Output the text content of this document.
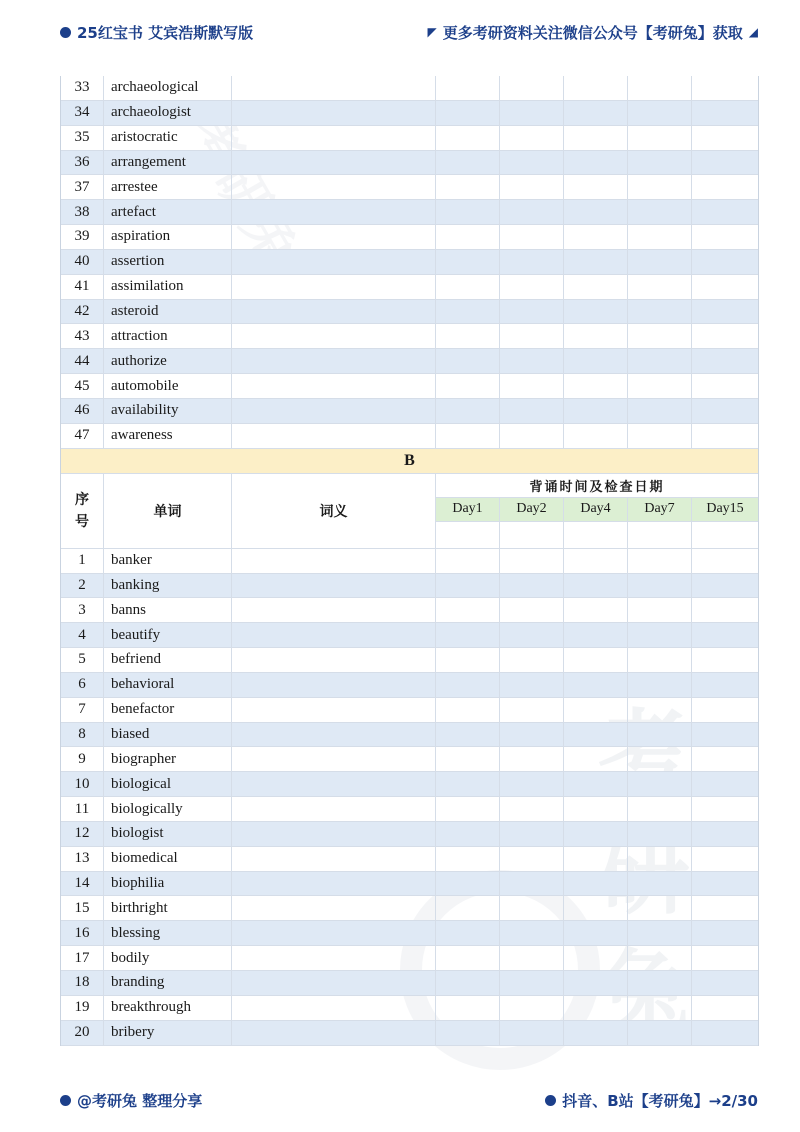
25红宝书 艾宾浩斯默写版	◤ 更多考研资料关注微信公众号【考研兔】获取 ◢
考
考研兔
33	archaeological
34	archaeologist
35	aristocratic
36	arrangement
37	arrestee
38	artefact
39	aspiration
40	assertion
41	assimilation
42	asteroid
43	attraction
44	authorize
45	automobile
46	availability
47	awareness
B
序
号
单词	词义
背诵时间及检查日期
Day1	Day2	Day4	Day7	Day15
1	banker
2	banking
3	banns
4	beautify
5	befriend
6	behavioral
7	benefactor
8	biased
9	biographer
10	biological
11	biologically
12	biologist
13	biomedical
14	biophilia
15	birthright
16	blessing
17	bodily
18	branding
19	breakthrough
20	bribery
@考研兔 整理分享	抖音、B站【考研兔】→2/30
